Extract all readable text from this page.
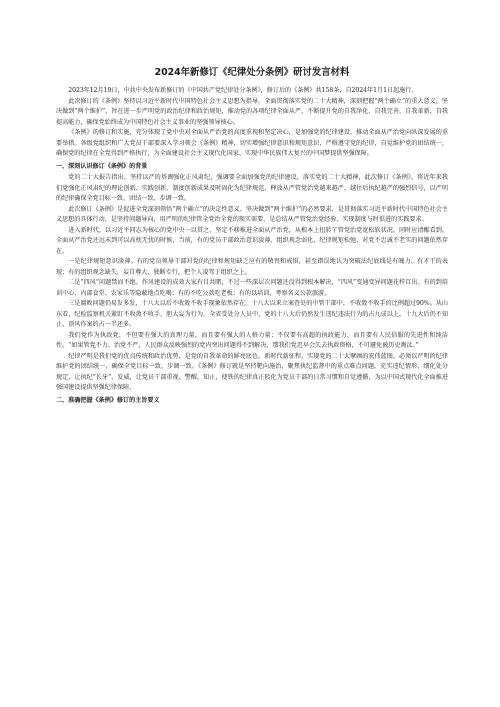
2024年新修订《纪律处分条例》研讨发言材料

2023年12月19日，中共中央发布新修订的《中国共产党纪律处分条例》，修订后的《条例》共158条，自2024年1月1日起施行。

此次修订的《条例》坚持以习近平新时代中国特色社会主义思想为指导，全面贯彻落实党的二十大精神，深刻把握“两个确立”的重大意义，坚决做到“两个维护”，旨在进一步严明党的政治纪律和政治规矩，推动党的各项纪律全面从严，不断提升党的自我净化、自我完善、自我革新、自我提高能力，确保党始终成为中国特色社会主义事业的坚强领导核心。

《条例》的修订和实施，充分体现了党中央对全面从严治党的高度重视和坚定决心，是加强党的纪律建设、推动全面从严治党向纵深发展的重要举措。各级党组织和广大党员干部要深入学习领会《条例》精神，切实增强纪律意识和规矩意识，严格遵守党的纪律，自觉维护党的团结统一，确保党的纪律在全党得到严格执行，为全面建设社会主义现代化国家、实现中华民族伟大复兴的中国梦提供坚强保障。

一、深刻认识修订《条例》的背景

党的二十大报告指出，坚持以严的基调强化正风肃纪，强调要全面加强党的纪律建设，落实党的二十大精神，此次修订《条例》，将近年来我们党强化正风肃纪的理论创新、实践创新、制度创新成果及时固化为纪律规范，释放从严管党治党越来越严、越往后执纪越严的强烈信号，以严明的纪律确保全党目标一致、团结一致、步调一致。

此次修订《条例》是促进全党深刻领悟“两个确立”的决定性意义、坚决做到“两个维护”的必然要求，是贯彻落实习近平新时代中国特色社会主义思想的具体行动，是坚持问题导向，用严明的纪律管全党治全党的现实需要，是总结从严管党治党经验、实现制度与时俱进的实践要求。

进入新时代，以习近平同志为核心的党中央一以贯之、坚定不移推进全面从严治党，从根本上扭转了管党治党宽松软状况。同时应清醒看到，全面从严治党还远未到可以高枕无忧的时候，当前，有的党员干部政治意识淡薄、组织观念弱化、纪律规矩松弛，对党不忠诚不老实的问题依然存在。

一是纪律规矩意识淡薄。有的党员领导干部对党的纪律和规矩缺乏应有的敬畏和戒惧，甚至错误地认为突破法纪底线是有魄力、有才干的表现；有的组织观念缺失，妄自尊大、独断专行，把个人凌驾于组织之上。

二是“四风”问题禁而不绝。作风建设的成效大家有目共睹，不过一些深层次问题还没得到根本解决，“四风”变通变异问题花样百出。有的到培训中心、内部食堂、农家乐等隐蔽地点吃喝；有的不吃公款吃老板；有的以培训、考察名义公款旅游。

三是腐败问题仍易发多发，十八大以后不收敛不收手现象依然存在。十八大以来立案查处的中管干部中，不收敛不收手的比例超过90%。从山东看，纪检监察机关紧盯不收敛不收手、胆大妄为行为，全省受处分人员中，党的十八大后仍然发生违纪违法行为的占九成以上，十九大后仍不知止、顶风作案的占一半还多。

我们党作为执政党，不但要有强大的真理力量，而且要有强大的人格力量；不仅要有高超的执政能力，而且要有人民信服的先进性和纯洁性。“如果管党不力、治党不严，人民群众反映强烈的党内突出问题得不到解决，那我们党迟早会失去执政资格，不可避免被历史淘汰。”

纪律严明是我们党的优良传统和政治优势，是党的自我革命的鲜亮底色。新时代新征程，实现党的二十大擘画的宏伟蓝图，必须以严明的纪律维护党的团结统一，确保全党目标一致、步调一致。《条例》修订就是坚持靶向施治，聚焦执纪监督中的重点难点问题，充实违纪情形，细化处分规定，让执纪“长牙”、发威，让党员干部重视、警醒、知止，使铁的纪律真正转化为党员干部的日常习惯和自觉遵循，为以中国式现代化全面推进强国建设提供坚强纪律保障。

二、准确把握《条例》修订的主旨要义
